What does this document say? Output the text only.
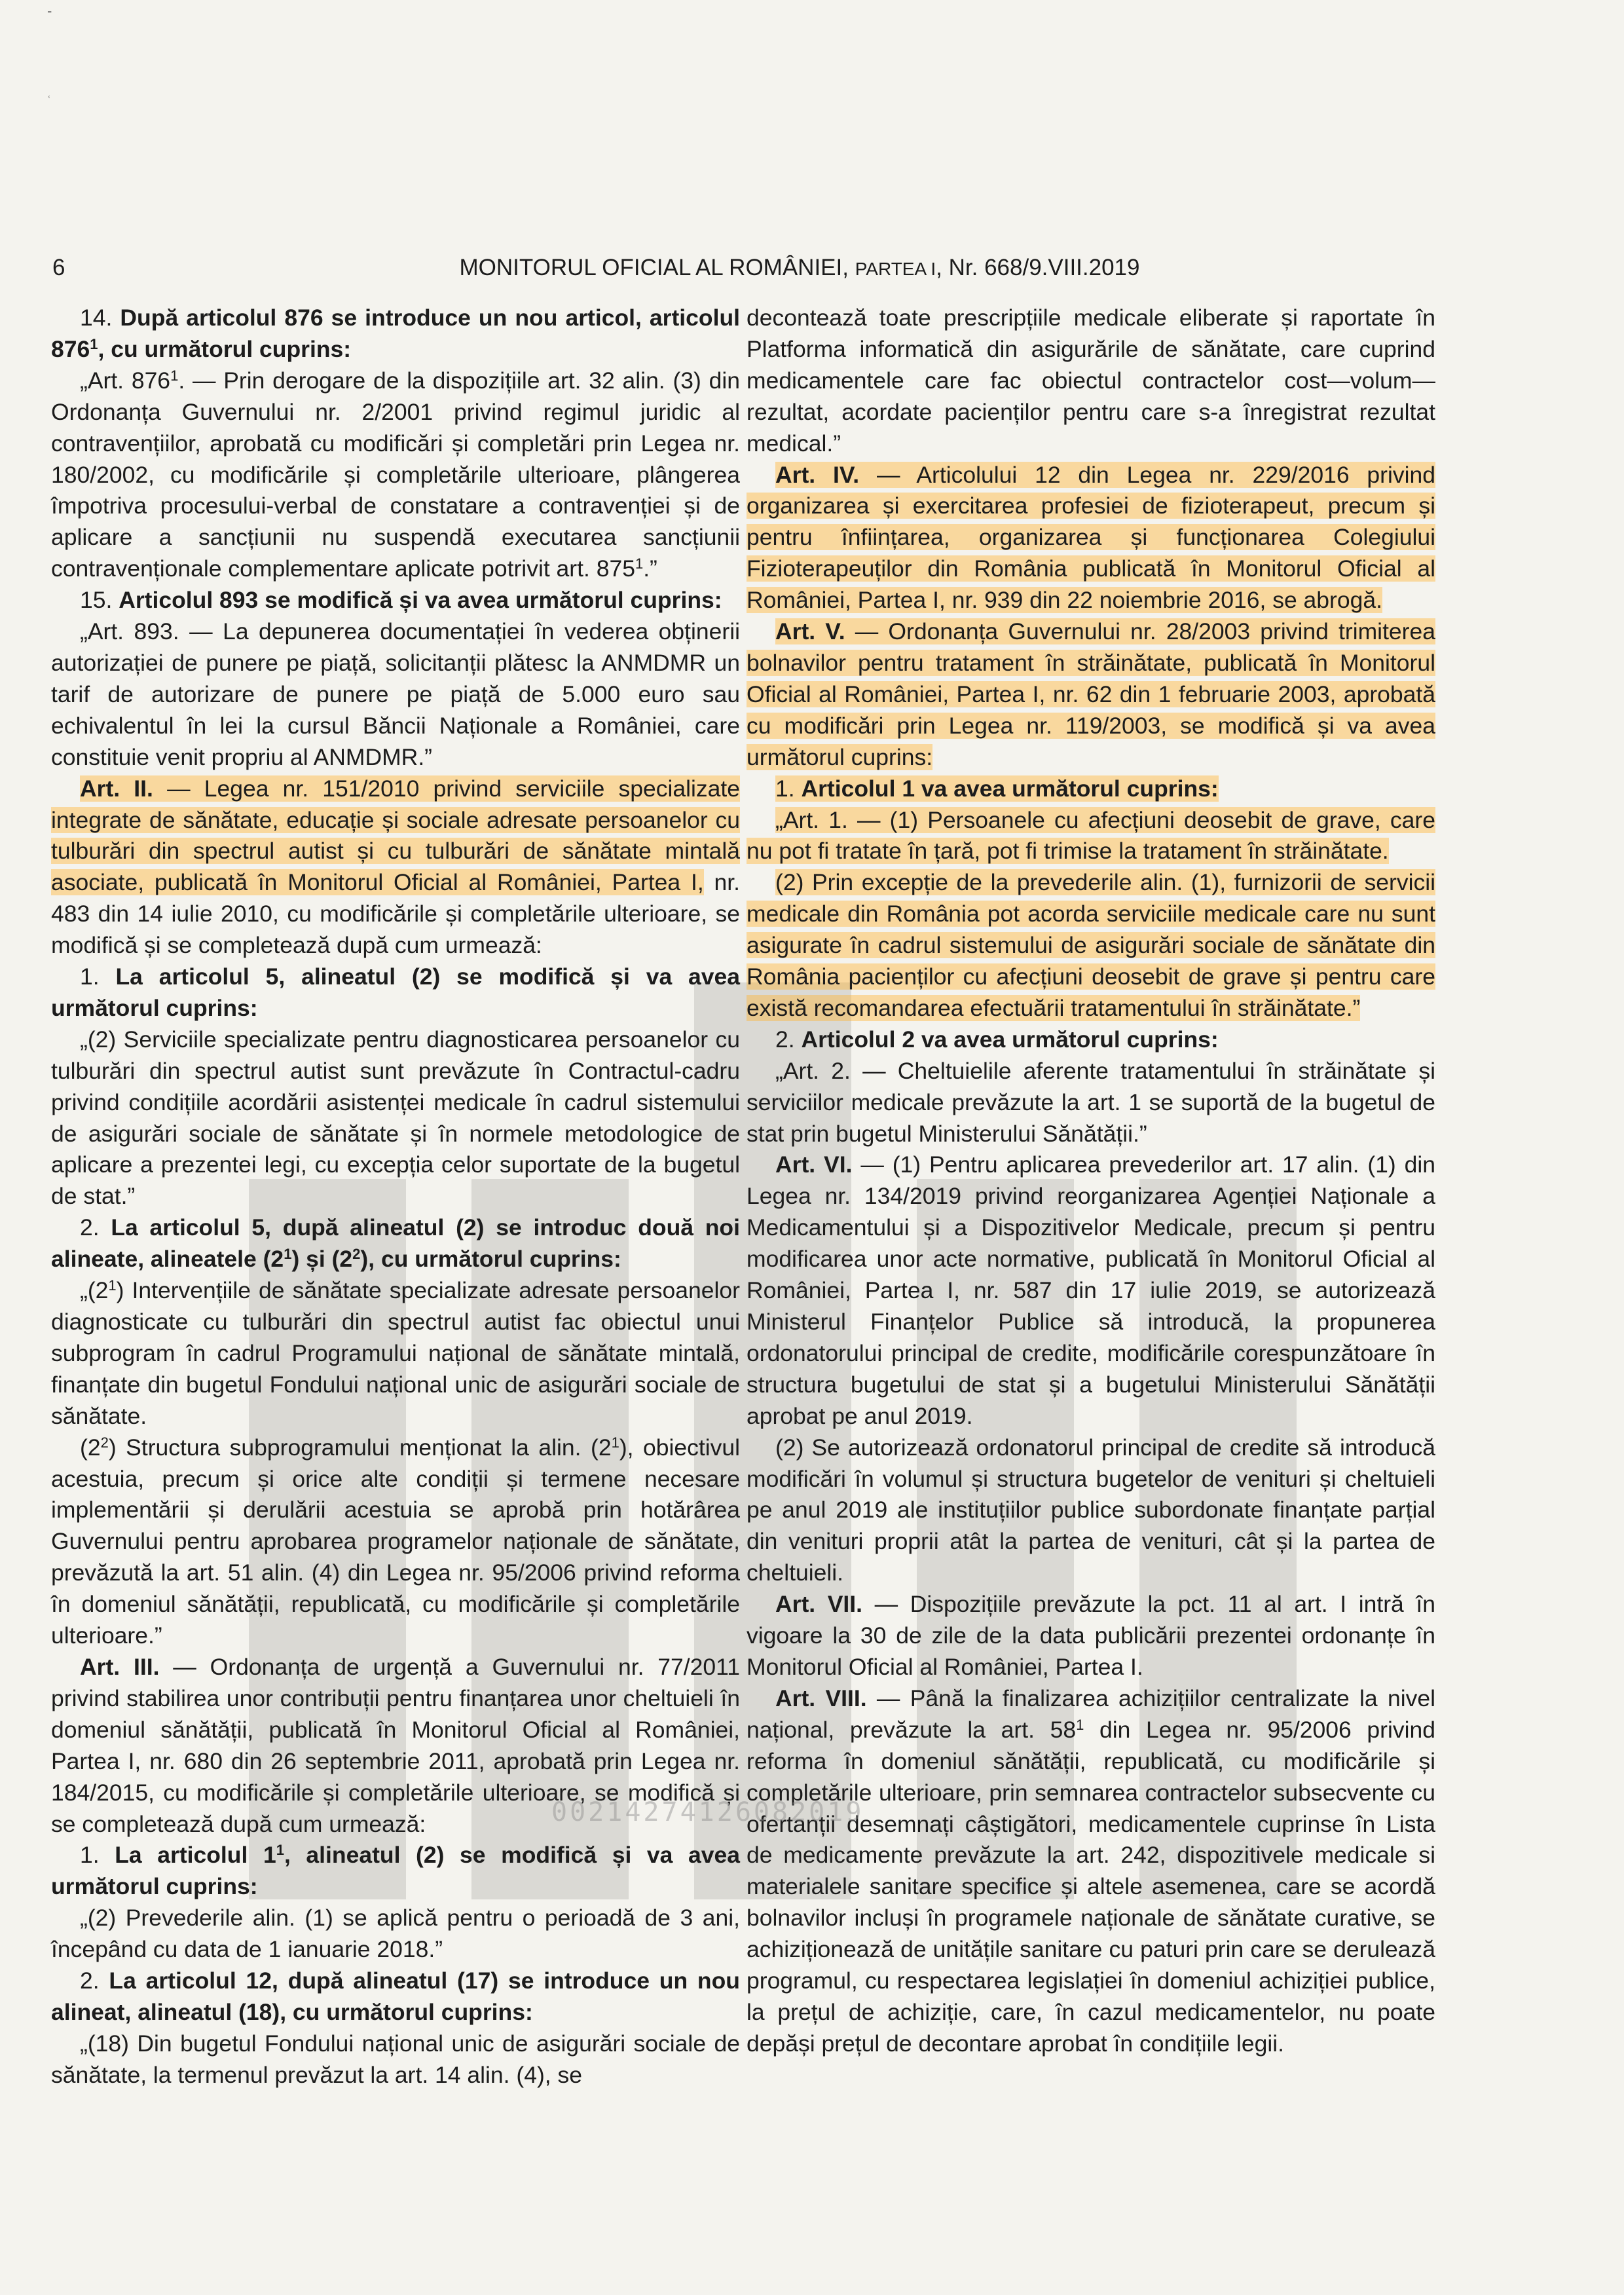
-
ʿ
6	MONITORUL OFICIAL AL ROMÂNIEI, PARTEA I, Nr. 668/9.VIII.2019

14. După articolul 876 se introduce un nou articol, articolul $876^1$, cu următorul cuprins:

„Art. $876^1$. — Prin derogare de la dispozițiile art. 32 alin. (3) din Ordonanța Guvernului nr. 2/2001 privind regimul juridic al contravențiilor, aprobată cu modificări și completări prin Legea nr. 180/2002, cu modificările și completările ulterioare, plângerea împotriva procesului-verbal de constatare a contravenției și de aplicare a sancțiunii nu suspendă executarea sancțiunii contravenționale complementare aplicate potrivit art. $875^1$.”

15. Articolul 893 se modifică și va avea următorul cuprins:

„Art. 893. — La depunerea documentației în vederea obținerii autorizației de punere pe piață, solicitanții plătesc la ANMDMR un tarif de autorizare de punere pe piață de 5.000 euro sau echivalentul în lei la cursul Băncii Naționale a României, care constituie venit propriu al ANMDMR.”

Art. II. — Legea nr. 151/2010 privind serviciile specializate integrate de sănătate, educație și sociale adresate persoanelor cu tulburări din spectrul autist și cu tulburări de sănătate mintală asociate, publicată în Monitorul Oficial al României, Partea I, nr. 483 din 14 iulie 2010, cu modificările și completările ulterioare, se modifică și se completează după cum urmează:

1. La articolul 5, alineatul (2) se modifică și va avea următorul cuprins:

„(2) Serviciile specializate pentru diagnosticarea persoanelor cu tulburări din spectrul autist sunt prevăzute în Contractul-cadru privind condițiile acordării asistenței medicale în cadrul sistemului de asigurări sociale de sănătate și în normele metodologice de aplicare a prezentei legi, cu excepția celor suportate de la bugetul de stat.”

2. La articolul 5, după alineatul (2) se introduc două noi alineate, alineatele $(2^1)$ și $(2^2)$, cu următorul cuprins:

$„(2^1)$ Intervențiile de sănătate specializate adresate persoanelor diagnosticate cu tulburări din spectrul autist fac obiectul unui subprogram în cadrul Programului național de sănătate mintală, finanțate din bugetul Fondului național unic de asigurări sociale de sănătate.

$(2^2)$ Structura subprogramului menționat la alin. $(2^1)$, obiectivul acestuia, precum și orice alte condiții și termene necesare implementării și derulării acestuia se aprobă prin hotărârea Guvernului pentru aprobarea programelor naționale de sănătate, prevăzută la art. 51 alin. (4) din Legea nr. 95/2006 privind reforma în domeniul sănătății, republicată, cu modificările și completările ulterioare.”

Art. III. — Ordonanța de urgență a Guvernului nr. 77/2011 privind stabilirea unor contribuții pentru finanțarea unor cheltuieli în domeniul sănătății, publicată în Monitorul Oficial al României, Partea I, nr. 680 din 26 septembrie 2011, aprobată prin Legea nr. 184/2015, cu modificările și completările ulterioare, se modifică și se completează după cum urmează:

1. La articolul $1^1$, alineatul (2) se modifică și va avea următorul cuprins:

„(2) Prevederile alin. (1) se aplică pentru o perioadă de 3 ani, începând cu data de 1 ianuarie 2018.”

2. La articolul 12, după alineatul (17) se introduce un nou alineat, alineatul (18), cu următorul cuprins:

„(18) Din bugetul Fondului național unic de asigurări sociale de sănătate, la termenul prevăzut la art. 14 alin. (4), se

decontează toate prescripțiile medicale eliberate și raportate în Platforma informatică din asigurările de sănătate, care cuprind medicamentele care fac obiectul contractelor cost—volum—rezultat, acordate pacienților pentru care s-a înregistrat rezultat medical.”

Art. IV. — Articolului 12 din Legea nr. 229/2016 privind organizarea și exercitarea profesiei de fizioterapeut, precum și pentru înființarea, organizarea și funcționarea Colegiului Fizioterapeuților din România publicată în Monitorul Oficial al României, Partea I, nr. 939 din 22 noiembrie 2016, se abrogă.

Art. V. — Ordonanța Guvernului nr. 28/2003 privind trimiterea bolnavilor pentru tratament în străinătate, publicată în Monitorul Oficial al României, Partea I, nr. 62 din 1 februarie 2003, aprobată cu modificări prin Legea nr. 119/2003, se modifică și va avea următorul cuprins:

1. Articolul 1 va avea următorul cuprins:

„Art. 1. — (1) Persoanele cu afecțiuni deosebit de grave, care nu pot fi tratate în țară, pot fi trimise la tratament în străinătate.

(2) Prin excepție de la prevederile alin. (1), furnizorii de servicii medicale din România pot acorda serviciile medicale care nu sunt asigurate în cadrul sistemului de asigurări sociale de sănătate din România pacienților cu afecțiuni deosebit de grave și pentru care există recomandarea efectuării tratamentului în străinătate.”

2. Articolul 2 va avea următorul cuprins:

„Art. 2. — Cheltuielile aferente tratamentului în străinătate și serviciilor medicale prevăzute la art. 1 se suportă de la bugetul de stat prin bugetul Ministerului Sănătății.”

Art. VI. — (1) Pentru aplicarea prevederilor art. 17 alin. (1) din Legea nr. 134/2019 privind reorganizarea Agenției Naționale a Medicamentului și a Dispozitivelor Medicale, precum și pentru modificarea unor acte normative, publicată în Monitorul Oficial al României, Partea I, nr. 587 din 17 iulie 2019, se autorizează Ministerul Finanțelor Publice să introducă, la propunerea ordonatorului principal de credite, modificările corespunzătoare în structura bugetului de stat și a bugetului Ministerului Sănătății aprobat pe anul 2019.

(2) Se autorizează ordonatorul principal de credite să introducă modificări în volumul și structura bugetelor de venituri și cheltuieli pe anul 2019 ale instituțiilor publice subordonate finanțate parțial din venituri proprii atât la partea de venituri, cât și la partea de cheltuieli.

Art. VII. — Dispozițiile prevăzute la pct. 11 al art. I intră în vigoare la 30 de zile de la data publicării prezentei ordonanțe în Monitorul Oficial al României, Partea I.

Art. VIII. — Până la finalizarea achizițiilor centralizate la nivel național, prevăzute la art. $58^1$ din Legea nr. 95/2006 privind reforma în domeniul sănătății, republicată, cu modificările și completările ulterioare, prin semnarea contractelor subsecvente cu ofertanții desemnați câștigători, medicamentele cuprinse în Lista de medicamente prevăzute la art. 242, dispozitivele medicale si materialele sanitare specifice și altele asemenea, care se acordă bolnavilor incluși în programele naționale de sănătate curative, se achiziționează de unitățile sanitare cu paturi prin care se derulează programul, cu respectarea legislației în domeniul achiziției publice, la prețul de achiziție, care, în cazul medicamentelor, nu poate depăși prețul de decontare aprobat în condițiile legii.

00214274126082019
